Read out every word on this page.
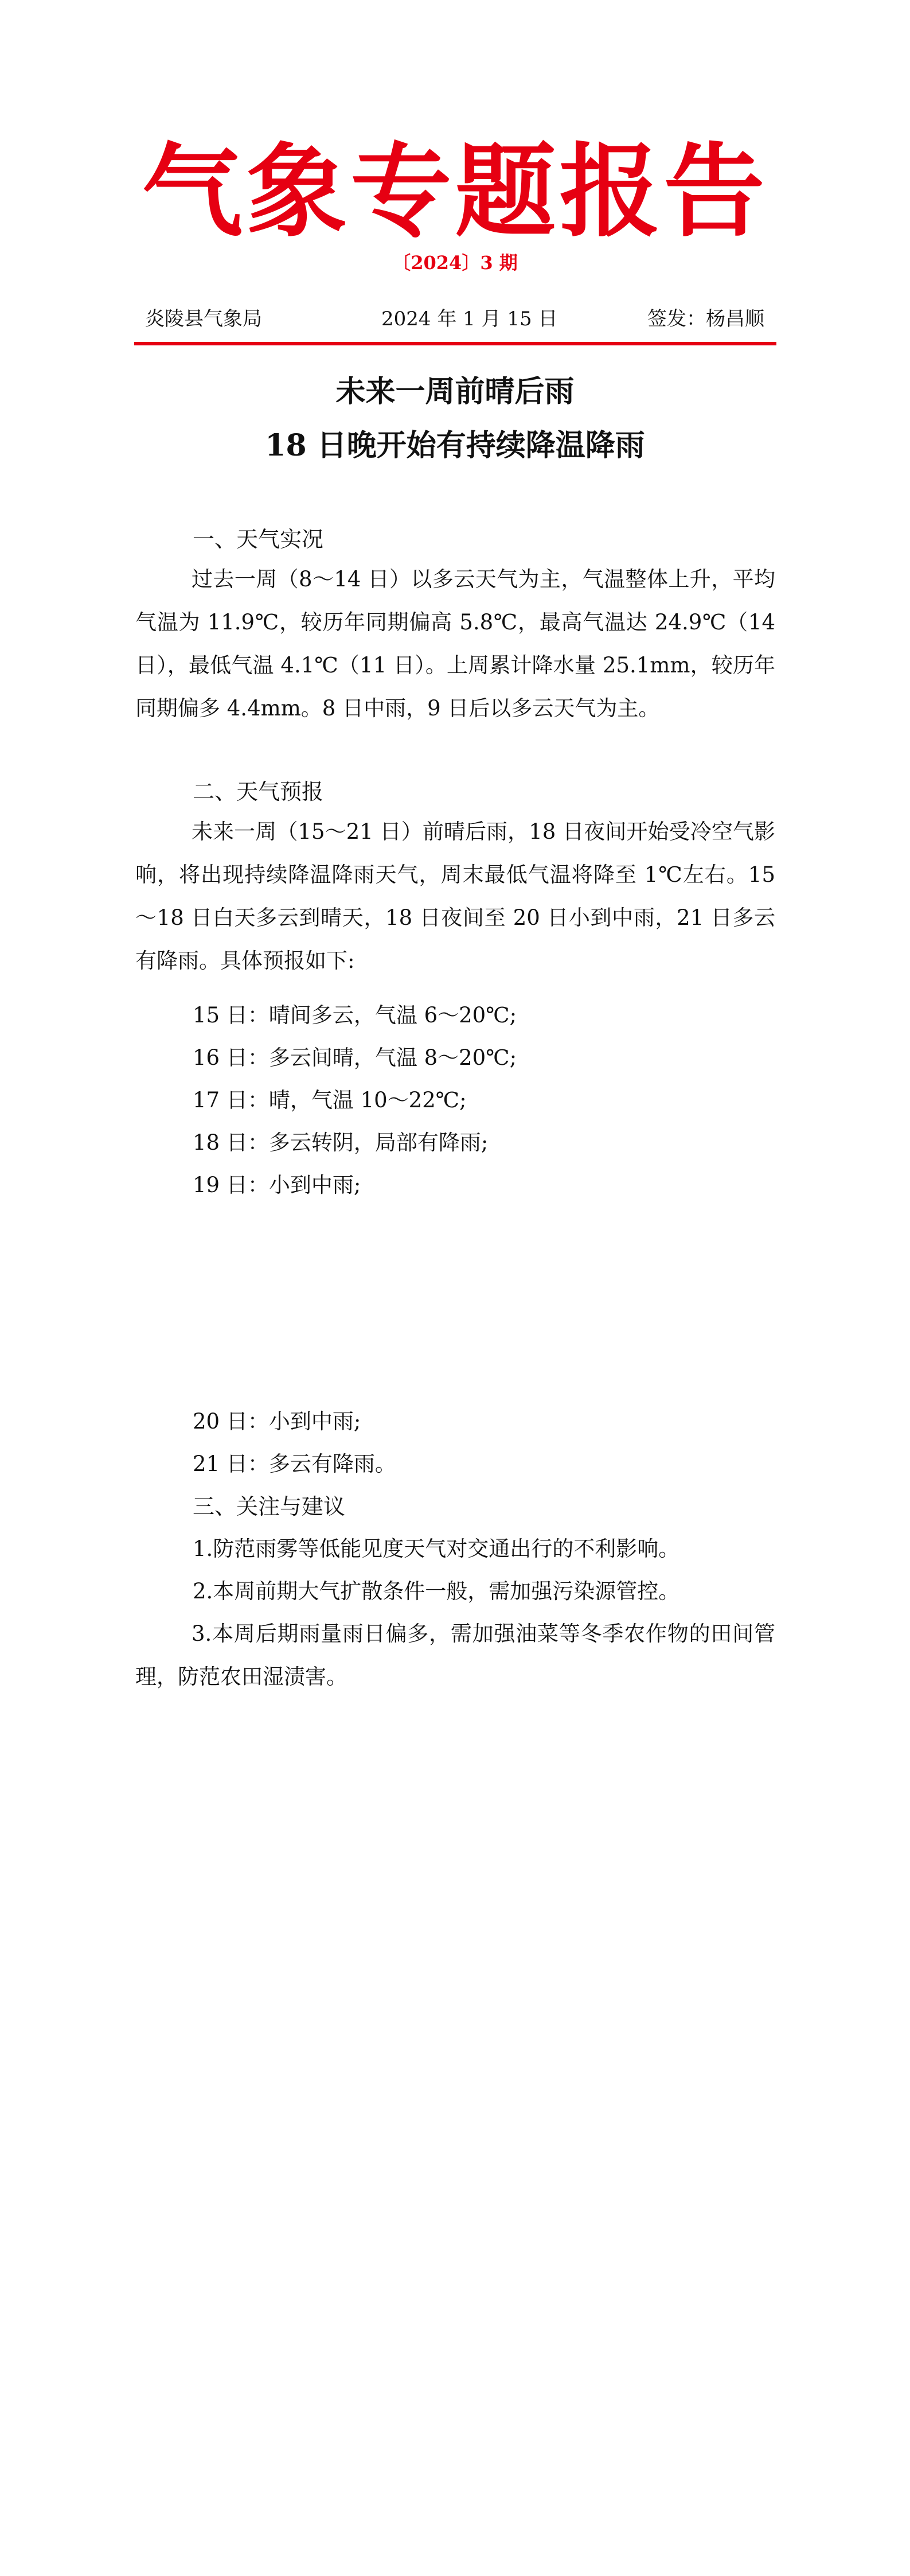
气象专题报告
〔2024〕3 期
炎陵县气象局	2024 年 1 月 15 日	签发：杨昌顺
未来一周前晴后雨
18 日晚开始有持续降温降雨
一、天气实况
过去一周（8～14 日）以多云天气为主，气温整体上升，平均气温为 11.9℃，较历年同期偏高 5.8℃，最高气温达 24.9℃（14 日），最低气温 4.1℃（11 日）。上周累计降水量 25.1mm，较历年同期偏多 4.4mm。8 日中雨，9 日后以多云天气为主。
二、天气预报
未来一周（15～21 日）前晴后雨，18 日夜间开始受冷空气影响，将出现持续降温降雨天气，周末最低气温将降至 1℃左右。15～18 日白天多云到晴天，18 日夜间至 20 日小到中雨，21 日多云有降雨。具体预报如下:
15 日：晴间多云，气温 6～20℃;
16 日：多云间晴，气温 8～20℃;
17 日：晴，气温 10～22℃;
18 日：多云转阴，局部有降雨;
19 日：小到中雨;
20 日：小到中雨;
21 日：多云有降雨。
三、关注与建议
1.防范雨雾等低能见度天气对交通出行的不利影响。
2.本周前期大气扩散条件一般，需加强污染源管控。
3.本周后期雨量雨日偏多，需加强油菜等冬季农作物的田间管理，防范农田湿渍害。
